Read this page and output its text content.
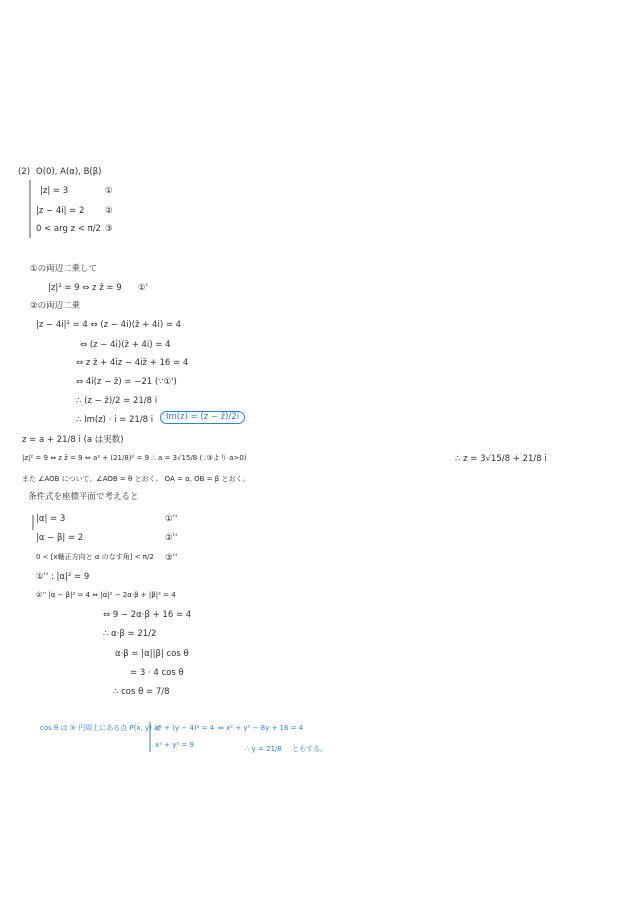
(2) O(0), A(α), B(β)
|z| = 3	①
|z − 4i| = 2 ②
0 < arg z < π/2 ③
①の両辺二乗して
|z|² = 9 ⇔ z z̄ = 9 ①'
②の両辺二乗
|z − 4i|² = 4 ⇔ (z − 4i)(z̄ + 4i) = 4
⇔ (z − 4i)(z̄ + 4i) = 4
⇔ z z̄ + 4iz − 4iz̄ + 16 = 4
⇔ 4i(z − z̄) = −21 (∵①')
∴ (z − z̄)/2 = 21/8 i
∴ Im(z) · i = 21/8 i	Im(z) = (z − z̄)/2i
z = a + 21/8 i (a は実数)
|z|² = 9 ⇔ z z̄ = 9 ⇔ a² + (21/8)² = 9 ∴ a = 3√15/8 (∵③より a>0)	∴ z = 3√15/8 + 21/8 i
また ∠AOB について、∠AOB = θ とおく。 OA = α, OB = β とおく。
条件式を座標平面で考えると
|α| = 3	①''
|α − β| = 2	②''
0 < [x軸正方向と α のなす角] < π/2 ③''
①'' : |α|² = 9
②'' |α − β|² = 4 ⇔ |α|² − 2α·β + |β|² = 4
⇔ 9 − 2α·β + 16 = 4
∴ α·β = 21/2
α·β = |α||β| cos θ
= 3 · 4 cos θ
∴ cos θ = 7/8
cos θ は ⑤ 円周上にある点 P(x, y) は
x² + (y − 4)² = 4
x² + y² = 9
⇔ x² + y² − 8y + 16 = 4
∴ y = 21/8 ともする。
